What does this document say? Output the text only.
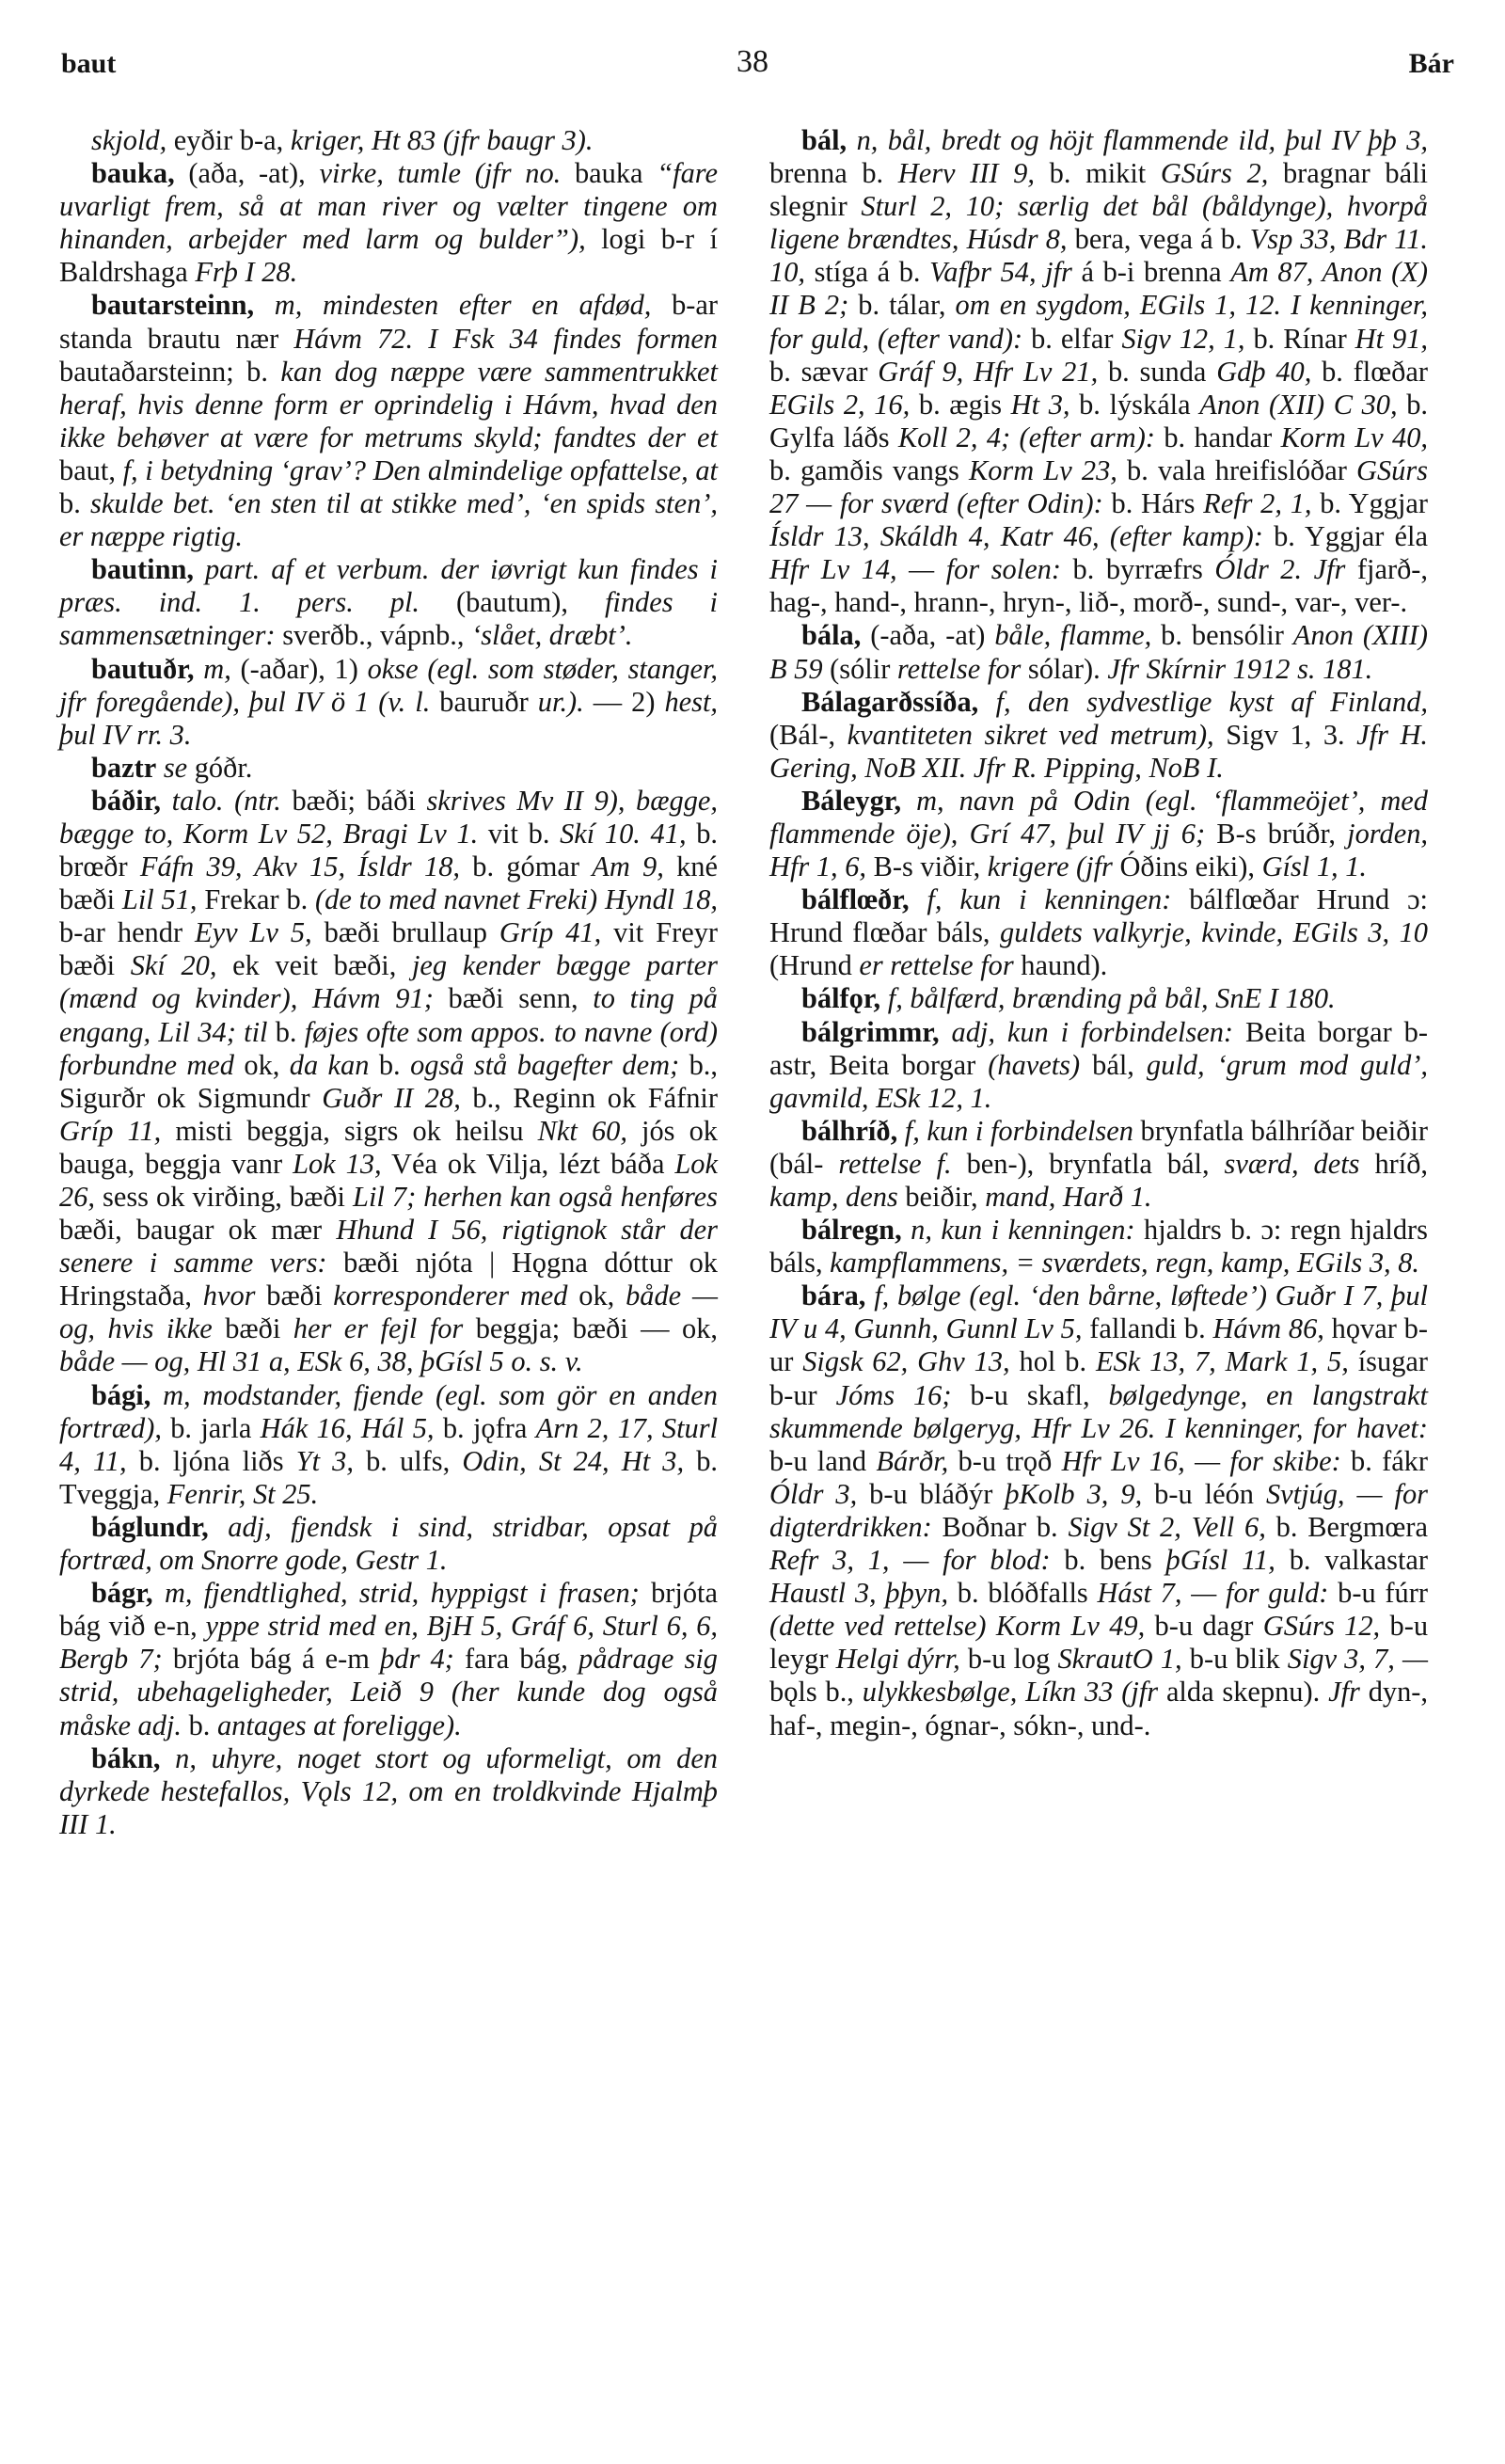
baut	38	Bár

skjold, eyðir b-a, kriger, Ht 83 (jfr baugr 3).

bauka, (aða, -at), virke, tumle (jfr no. bauka “fare uvarligt frem, så at man river og vælter tingene om hinanden, arbejder med larm og bulder”), logi b-r í Baldrshaga Frþ I 28.

bautarsteinn, m, mindesten efter en afdød, b-ar standa brautu nær Hávm 72. I Fsk 34 findes formen bautaðarsteinn; b. kan dog næppe være sammentrukket heraf, hvis denne form er oprindelig i Hávm, hvad den ikke behøver at være for metrums skyld; fandtes der et baut, f, i betydning ‘grav’? Den almindelige opfattelse, at b. skulde bet. ‘en sten til at stikke med’, ‘en spids sten’, er næppe rigtig.

bautinn, part. af et verbum. der iøvrigt kun findes i præs. ind. 1. pers. pl. (bautum), findes i sammensætninger: sverðb., vápnb., ‘slået, dræbt’.

bautuðr, m, (-aðar), 1) okse (egl. som støder, stanger, jfr foregående), þul IV ö 1 (v. l. bauruðr ur.). — 2) hest, þul IV rr. 3.

baztr se góðr.

báðir, talo. (ntr. bæði; báði skrives Mv II 9), bægge, bægge to, Korm Lv 52, Bragi Lv 1. vit b. Skí 10. 41, b. brœðr Fáfn 39, Akv 15, Ísldr 18, b. gómar Am 9, kné bæði Lil 51, Frekar b. (de to med navnet Freki) Hyndl 18, b-ar hendr Eyv Lv 5, bæði brullaup Gríp 41, vit Freyr bæði Skí 20, ek veit bæði, jeg kender bægge parter (mænd og kvinder), Hávm 91; bæði senn, to ting på engang, Lil 34; til b. føjes ofte som appos. to navne (ord) forbundne med ok, da kan b. også stå bagefter dem; b., Sigurðr ok Sigmundr Guðr II 28, b., Reginn ok Fáfnir Gríp 11, misti beggja, sigrs ok heilsu Nkt 60, jós ok bauga, beggja vanr Lok 13, Véa ok Vilja, lézt báða Lok 26, sess ok virðing, bæði Lil 7; herhen kan også henføres bæði, baugar ok mær Hhund I 56, rigtignok står der senere i samme vers: bæði njóta | Hǫgna dóttur ok Hringstaða, hvor bæði korresponderer med ok, både — og, hvis ikke bæði her er fejl for beggja; bæði — ok, både — og, Hl 31 a, ESk 6, 38, þGísl 5 o. s. v.

bági, m, modstander, fjende (egl. som gör en anden fortræd), b. jarla Hák 16, Hál 5, b. jǫfra Arn 2, 17, Sturl 4, 11, b. ljóna liðs Yt 3, b. ulfs, Odin, St 24, Ht 3, b. Tveggja, Fenrir, St 25.

báglundr, adj, fjendsk i sind, stridbar, opsat på fortræd, om Snorre gode, Gestr 1.

bágr, m, fjendtlighed, strid, hyppigst i frasen; brjóta bág við e-n, yppe strid med en, BjH 5, Gráf 6, Sturl 6, 6, Bergb 7; brjóta bág á e-m þdr 4; fara bág, pådrage sig strid, ubehageligheder, Leið 9 (her kunde dog også måske adj. b. antages at foreligge).

bákn, n, uhyre, noget stort og uformeligt, om den dyrkede hestefallos, Vǫls 12, om en troldkvinde Hjalmþ III 1.

bál, n, bål, bredt og höjt flammende ild, þul IV þþ 3, brenna b. Herv III 9, b. mikit GSúrs 2, bragnar báli slegnir Sturl 2, 10; særlig det bål (båldynge), hvorpå ligene brændtes, Húsdr 8, bera, vega á b. Vsp 33, Bdr 11. 10, stíga á b. Vafþr 54, jfr á b-i brenna Am 87, Anon (X) II B 2; b. tálar, om en sygdom, EGils 1, 12. I kenninger, for guld, (efter vand): b. elfar Sigv 12, 1, b. Rínar Ht 91, b. sævar Gráf 9, Hfr Lv 21, b. sunda Gdþ 40, b. flœðar EGils 2, 16, b. ægis Ht 3, b. lýskála Anon (XII) C 30, b. Gylfa láðs Koll 2, 4; (efter arm): b. handar Korm Lv 40, b. gamðis vangs Korm Lv 23, b. vala hreifislóðar GSúrs 27 — for sværd (efter Odin): b. Hárs Refr 2, 1, b. Yggjar Ísldr 13, Skáldh 4, Katr 46, (efter kamp): b. Yggjar éla Hfr Lv 14, — for solen: b. byrræfrs Óldr 2. Jfr fjarð-, hag-, hand-, hrann-, hryn-, lið-, morð-, sund-, var-, ver-.

bála, (-aða, -at) båle, flamme, b. bensólir Anon (XIII) B 59 (sólir rettelse for sólar). Jfr Skírnir 1912 s. 181.

Bálagarðssíða, f, den sydvestlige kyst af Finland, (Bál-, kvantiteten sikret ved metrum), Sigv 1, 3. Jfr H. Gering, NoB XII. Jfr R. Pipping, NoB I.

Báleygr, m, navn på Odin (egl. ‘flammeöjet’, med flammende öje), Grí 47, þul IV jj 6; B-s brúðr, jorden, Hfr 1, 6, B-s viðir, krigere (jfr Óðins eiki), Gísl 1, 1.

bálflœðr, f, kun i kenningen: bálflœðar Hrund ɔ: Hrund flœðar báls, guldets valkyrje, kvinde, EGils 3, 10 (Hrund er rettelse for haund).

bálfǫr, f, bålfærd, brænding på bål, SnE I 180.

bálgrimmr, adj, kun i forbindelsen: Beita borgar b-astr, Beita borgar (havets) bál, guld, ‘grum mod guld’, gavmild, ESk 12, 1.

bálhríð, f, kun i forbindelsen brynfatla bálhríðar beiðir (bál- rettelse f. ben-), brynfatla bál, sværd, dets hríð, kamp, dens beiðir, mand, Harð 1.

bálregn, n, kun i kenningen: hjaldrs b. ɔ: regn hjaldrs báls, kampflammens, = sværdets, regn, kamp, EGils 3, 8.

bára, f, bølge (egl. ‘den bårne, løftede’) Guðr I 7, þul IV u 4, Gunnh, Gunnl Lv 5, fallandi b. Hávm 86, hǫvar b-ur Sigsk 62, Ghv 13, hol b. ESk 13, 7, Mark 1, 5, ísugar b-ur Jóms 16; b-u skafl, bølgedynge, en langstrakt skummende bølgeryg, Hfr Lv 26. I kenninger, for havet: b-u land Bárðr, b-u trǫð Hfr Lv 16, — for skibe: b. fákr Óldr 3, b-u bláðýr þKolb 3, 9, b-u léón Svtjúg, — for digterdrikken: Boðnar b. Sigv St 2, Vell 6, b. Bergmœra Refr 3, 1, — for blod: b. bens þGísl 11, b. valkastar Haustl 3, þþyn, b. blóðfalls Hást 7, — for guld: b-u fúrr (dette ved rettelse) Korm Lv 49, b-u dagr GSúrs 12, b-u leygr Helgi dýrr, b-u log SkrautO 1, b-u blik Sigv 3, 7, — bǫls b., ulykkesbølge, Líkn 33 (jfr alda skepnu). Jfr dyn-, haf-, megin-, ógnar-, sókn-, und-.
